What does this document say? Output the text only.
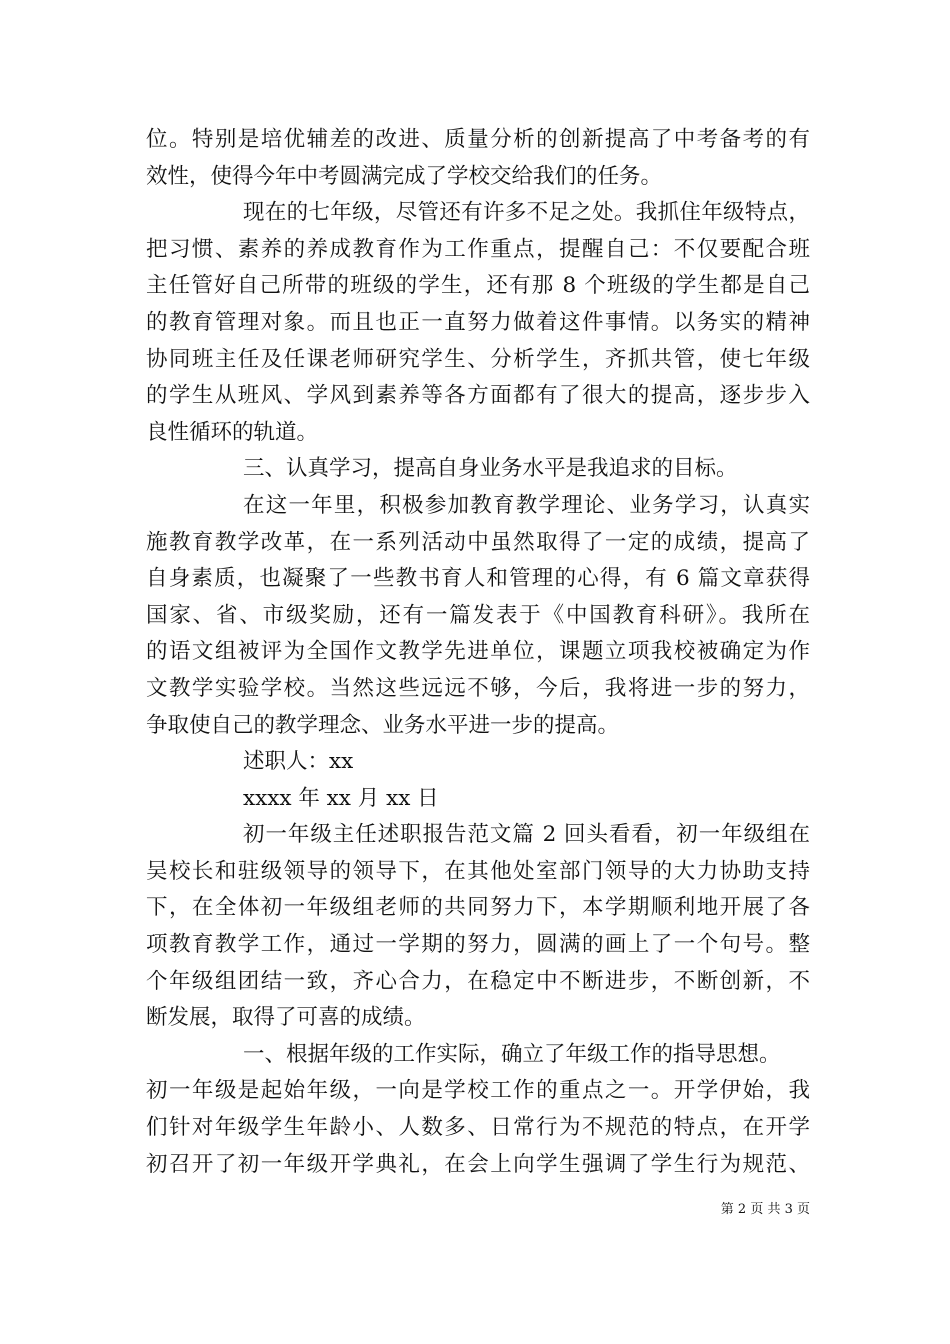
位。特别是培优辅差的改进、质量分析的创新提高了中考备考的有
效性，使得今年中考圆满完成了学校交给我们的任务。
现在的七年级，尽管还有许多不足之处。我抓住年级特点，
把习惯、素养的养成教育作为工作重点，提醒自己：不仅要配合班
主任管好自己所带的班级的学生，还有那 8 个班级的学生都是自己
的教育管理对象。而且也正一直努力做着这件事情。以务实的精神
协同班主任及任课老师研究学生、分析学生，齐抓共管，使七年级
的学生从班风、学风到素养等各方面都有了很大的提高，逐步步入
良性循环的轨道。
三、认真学习，提高自身业务水平是我追求的目标。
在这一年里，积极参加教育教学理论、业务学习，认真实
施教育教学改革，在一系列活动中虽然取得了一定的成绩，提高了
自身素质，也凝聚了一些教书育人和管理的心得，有 6 篇文章获得
国家、省、市级奖励，还有一篇发表于《中国教育科研》。我所在
的语文组被评为全国作文教学先进单位，课题立项我校被确定为作
文教学实验学校。当然这些远远不够，今后，我将进一步的努力，
争取使自己的教学理念、业务水平进一步的提高。
述职人：xx
xxxx 年 xx 月 xx 日
初一年级主任述职报告范文篇 2 回头看看，初一年级组在
吴校长和驻级领导的领导下，在其他处室部门领导的大力协助支持
下，在全体初一年级组老师的共同努力下，本学期顺利地开展了各
项教育教学工作，通过一学期的努力，圆满的画上了一个句号。整
个年级组团结一致，齐心合力，在稳定中不断进步，不断创新，不
断发展，取得了可喜的成绩。
一、根据年级的工作实际，确立了年级工作的指导思想。
初一年级是起始年级，一向是学校工作的重点之一。开学伊始，我
们针对年级学生年龄小、人数多、日常行为不规范的特点，在开学
初召开了初一年级开学典礼，在会上向学生强调了学生行为规范、
第 2 页 共 3 页
